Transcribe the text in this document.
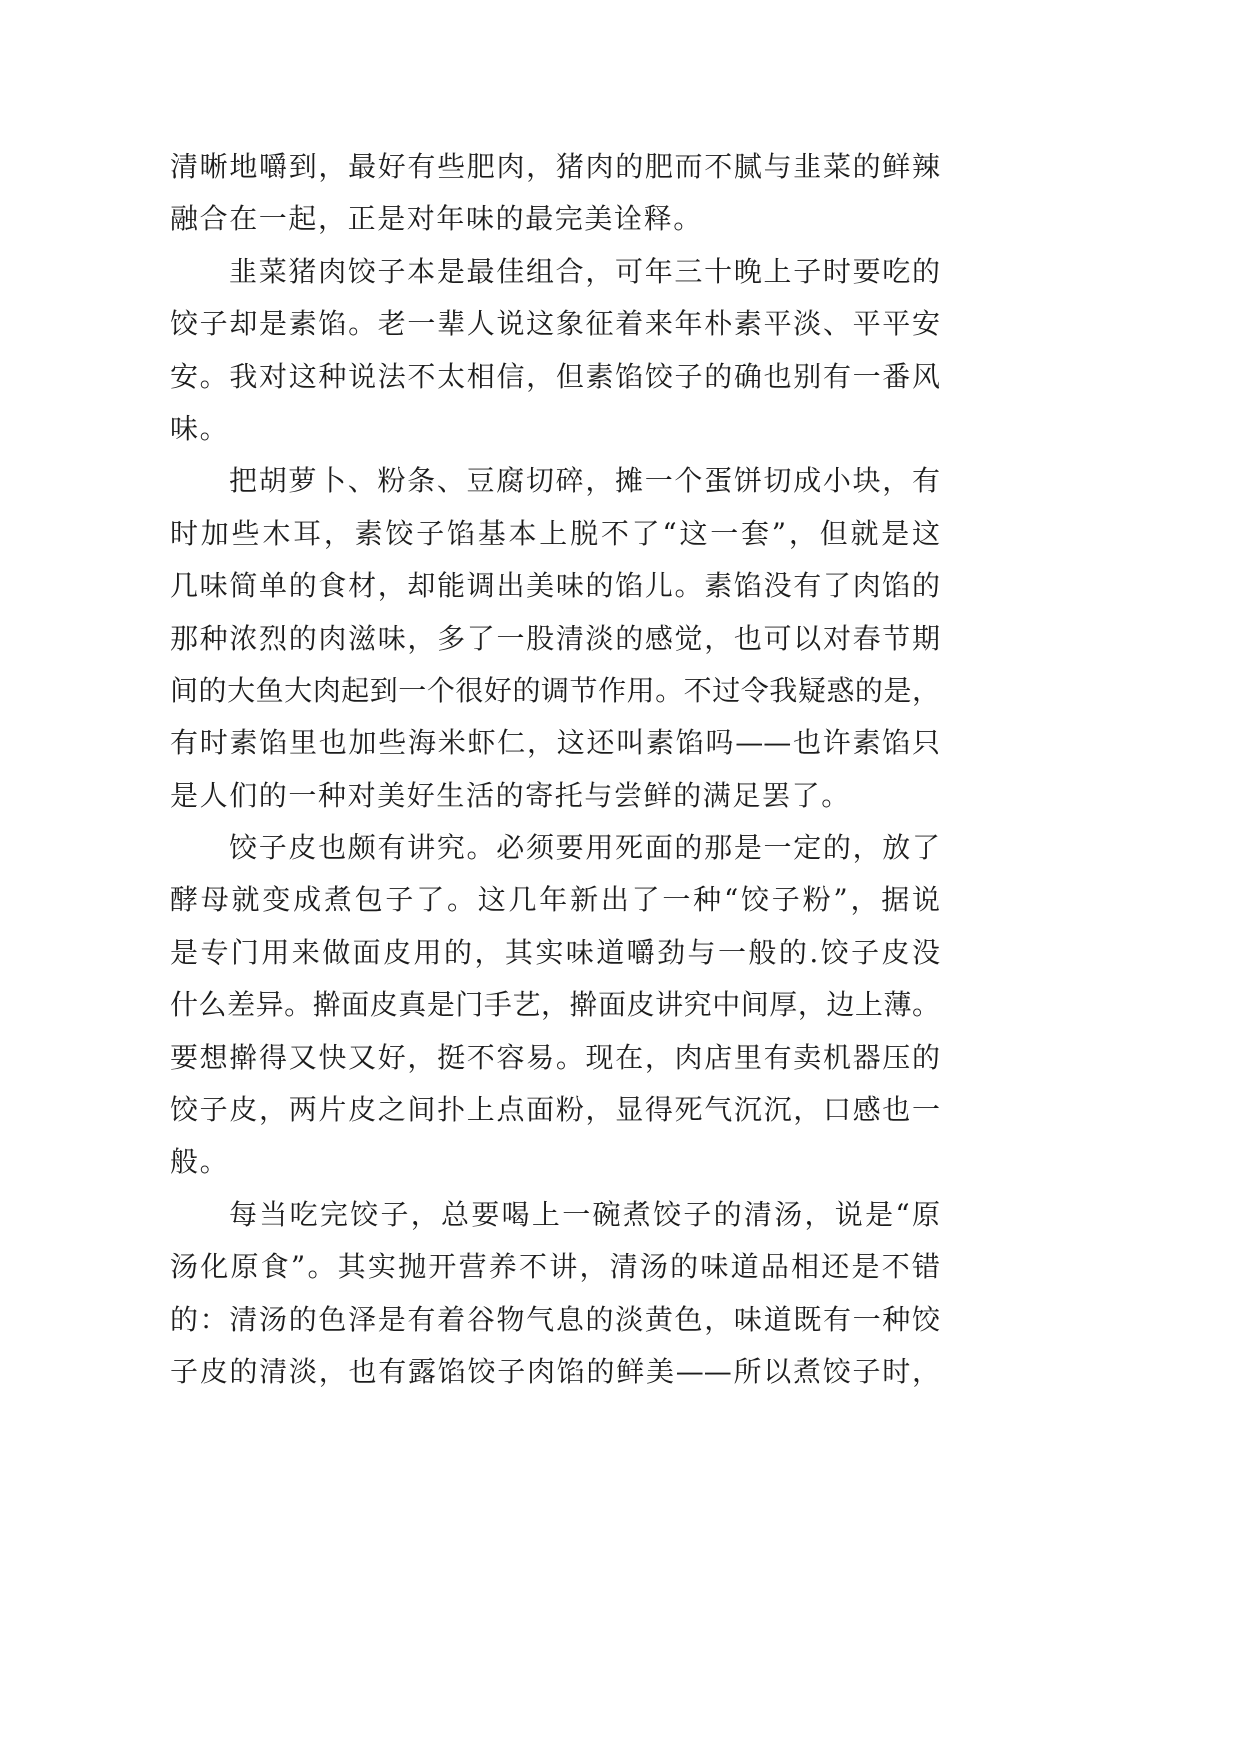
清晰地嚼到，最好有些肥肉，猪肉的肥而不腻与韭菜的鲜辣
融合在一起，正是对年味的最完美诠释。
韭菜猪肉饺子本是最佳组合，可年三十晚上子时要吃的
饺子却是素馅。老一辈人说这象征着来年朴素平淡、平平安
安。我对这种说法不太相信，但素馅饺子的确也别有一番风
味。
把胡萝卜、粉条、豆腐切碎，摊一个蛋饼切成小块，有
时加些木耳，素饺子馅基本上脱不了“这一套”，但就是这
几味简单的食材，却能调出美味的馅儿。素馅没有了肉馅的
那种浓烈的肉滋味，多了一股清淡的感觉，也可以对春节期
间的大鱼大肉起到一个很好的调节作用。不过令我疑惑的是，
有时素馅里也加些海米虾仁，这还叫素馅吗——也许素馅只
是人们的一种对美好生活的寄托与尝鲜的满足罢了。
饺子皮也颇有讲究。必须要用死面的那是一定的，放了
酵母就变成煮包子了。这几年新出了一种“饺子粉”，据说
是专门用来做面皮用的，其实味道嚼劲与一般的.饺子皮没
什么差异。擀面皮真是门手艺，擀面皮讲究中间厚，边上薄。
要想擀得又快又好，挺不容易。现在，肉店里有卖机器压的
饺子皮，两片皮之间扑上点面粉，显得死气沉沉，口感也一
般。
每当吃完饺子，总要喝上一碗煮饺子的清汤，说是“原
汤化原食”。其实抛开营养不讲，清汤的味道品相还是不错
的：清汤的色泽是有着谷物气息的淡黄色，味道既有一种饺
子皮的清淡，也有露馅饺子肉馅的鲜美——所以煮饺子时，
